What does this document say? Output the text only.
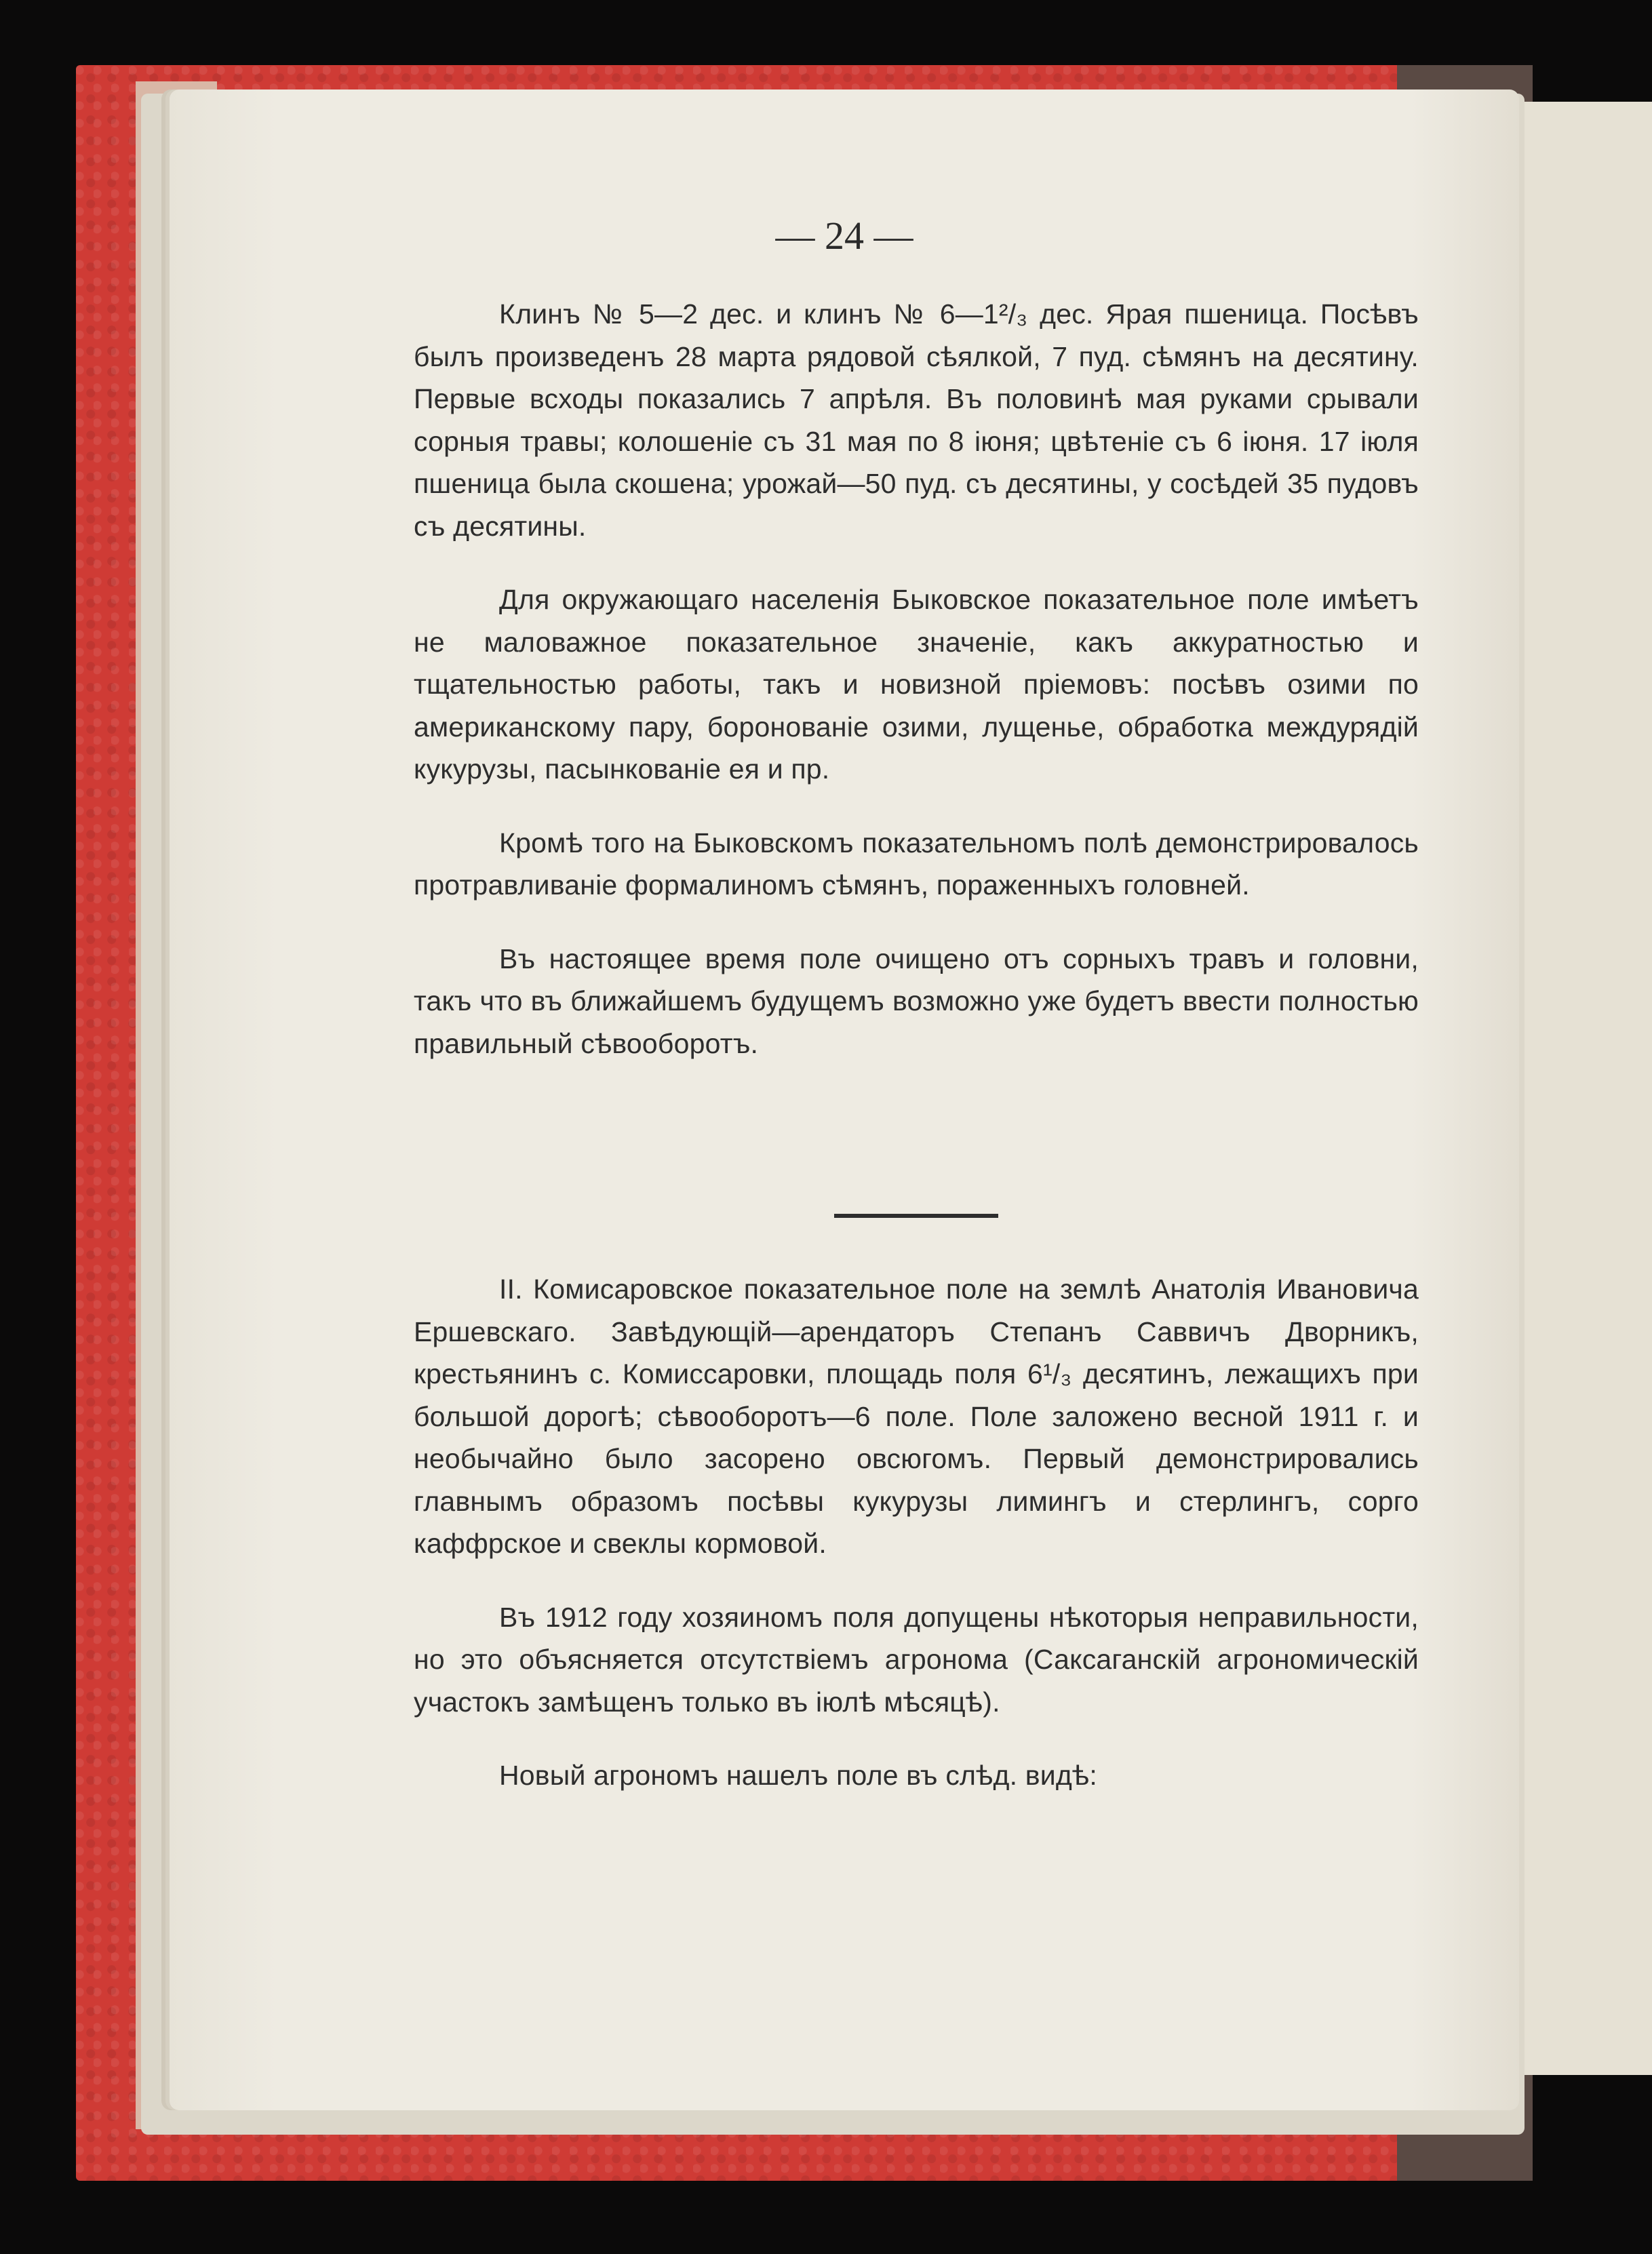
— 24 —

Клинъ № 5—2 дес. и клинъ № 6—1²/₃ дес. Ярая пшеница. Посѣвъ былъ произведенъ 28 марта рядовой сѣялкой, 7 пуд. сѣмянъ на десятину. Первые всходы показались 7 апрѣля. Въ половинѣ мая руками срывали сорныя травы; колошеніе съ 31 мая по 8 іюня; цвѣтеніе съ 6 іюня. 17 іюля пшеница была скошена; урожай—50 пуд. съ десятины, у сосѣдей 35 пудовъ съ десятины.

Для окружающаго населенія Быковское показательное поле имѣетъ не маловажное показательное значеніе, какъ аккуратностью и тщательностью работы, такъ и новизной пріемовъ: посѣвъ озими по американскому пару, боронованіе озими, лущенье, обработка междурядій кукурузы, пасынкованіе ея и пр.

Кромѣ того на Быковскомъ показательномъ полѣ демонстрировалось протравливаніе формалиномъ сѣмянъ, пораженныхъ головней.

Въ настоящее время поле очищено отъ сорныхъ травъ и головни, такъ что въ ближайшемъ будущемъ возможно уже будетъ ввести полностью правильный сѣвооборотъ.

II. Комисаровское показательное поле на землѣ Анатолія Ивановича Ершевскаго. Завѣдующій—арендаторъ Степанъ Саввичъ Дворникъ, крестьянинъ с. Комиссаровки, площадь поля 6¹/₃ десятинъ, лежащихъ при большой дорогѣ; сѣвооборотъ—6 поле. Поле заложено весной 1911 г. и необычайно было засорено овсюгомъ. Первый демонстрировались главнымъ образомъ посѣвы кукурузы лимингъ и стерлингъ, сорго каффрское и свеклы кормовой.

Въ 1912 году хозяиномъ поля допущены нѣкоторыя неправильности, но это объясняется отсутствіемъ агронома (Саксаганскій агрономическій участокъ замѣщенъ только въ іюлѣ мѣсяцѣ).

Новый агрономъ нашелъ поле въ слѣд. видѣ:
